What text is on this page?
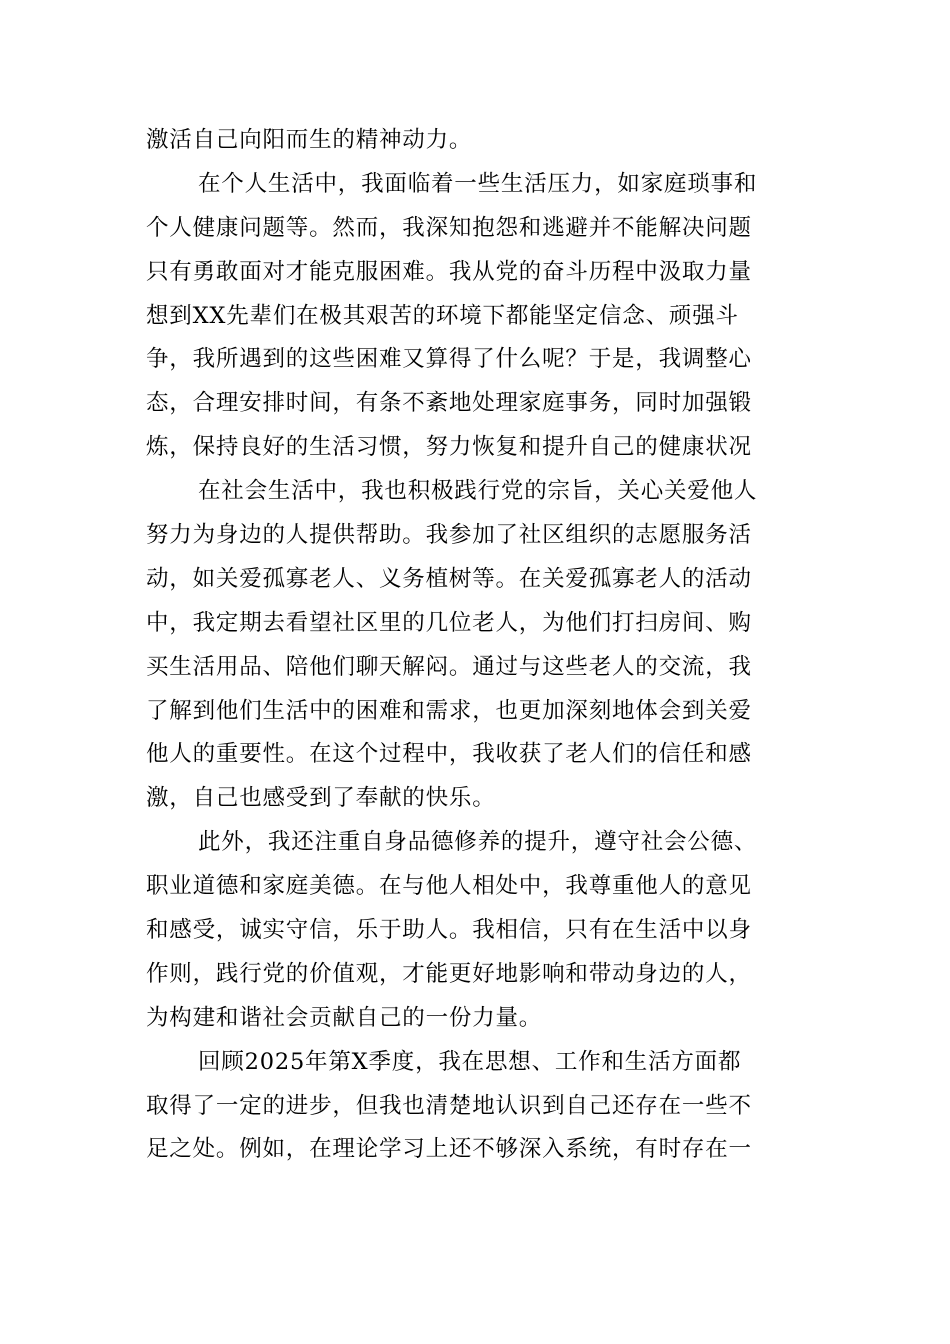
激活自己向阳而生的精神动力。
在个人生活中，我面临着一些生活压力，如家庭琐事和
个人健康问题等。然而，我深知抱怨和逃避并不能解决问题
只有勇敢面对才能克服困难。我从党的奋斗历程中汲取力量
想到XX先辈们在极其艰苦的环境下都能坚定信念、顽强斗
争，我所遇到的这些困难又算得了什么呢？于是，我调整心
态，合理安排时间，有条不紊地处理家庭事务，同时加强锻
炼，保持良好的生活习惯，努力恢复和提升自己的健康状况
在社会生活中，我也积极践行党的宗旨，关心关爱他人
努力为身边的人提供帮助。我参加了社区组织的志愿服务活
动，如关爱孤寡老人、义务植树等。在关爱孤寡老人的活动
中，我定期去看望社区里的几位老人，为他们打扫房间、购
买生活用品、陪他们聊天解闷。通过与这些老人的交流，我
了解到他们生活中的困难和需求，也更加深刻地体会到关爱
他人的重要性。在这个过程中，我收获了老人们的信任和感
激，自己也感受到了奉献的快乐。
此外，我还注重自身品德修养的提升，遵守社会公德、
职业道德和家庭美德。在与他人相处中，我尊重他人的意见
和感受，诚实守信，乐于助人。我相信，只有在生活中以身
作则，践行党的价值观，才能更好地影响和带动身边的人，
为构建和谐社会贡献自己的一份力量。
回顾2025年第X季度，我在思想、工作和生活方面都
取得了一定的进步，但我也清楚地认识到自己还存在一些不
足之处。例如，在理论学习上还不够深入系统，有时存在一
